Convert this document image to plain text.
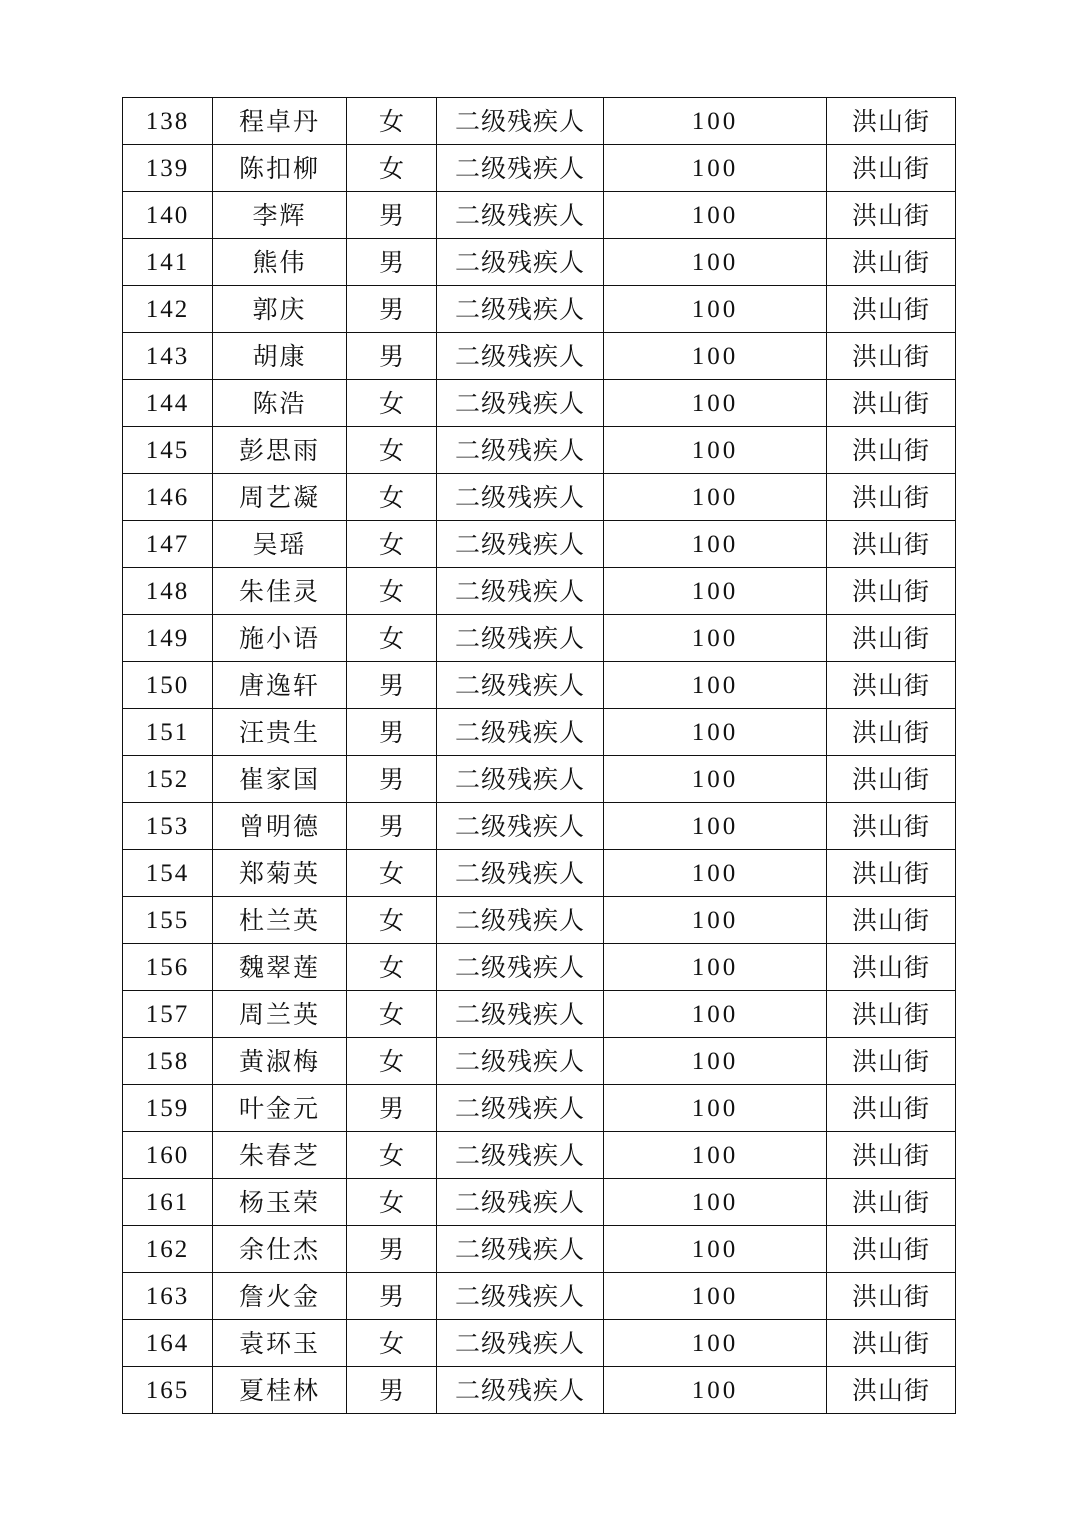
138	程卓丹	女	二级残疾人	100	洪山街
139	陈扣柳	女	二级残疾人	100	洪山街
140	李辉	男	二级残疾人	100	洪山街
141	熊伟	男	二级残疾人	100	洪山街
142	郭庆	男	二级残疾人	100	洪山街
143	胡康	男	二级残疾人	100	洪山街
144	陈浩	女	二级残疾人	100	洪山街
145	彭思雨	女	二级残疾人	100	洪山街
146	周艺凝	女	二级残疾人	100	洪山街
147	吴瑶	女	二级残疾人	100	洪山街
148	朱佳灵	女	二级残疾人	100	洪山街
149	施小语	女	二级残疾人	100	洪山街
150	唐逸轩	男	二级残疾人	100	洪山街
151	汪贵生	男	二级残疾人	100	洪山街
152	崔家国	男	二级残疾人	100	洪山街
153	曾明德	男	二级残疾人	100	洪山街
154	郑菊英	女	二级残疾人	100	洪山街
155	杜兰英	女	二级残疾人	100	洪山街
156	魏翠莲	女	二级残疾人	100	洪山街
157	周兰英	女	二级残疾人	100	洪山街
158	黄淑梅	女	二级残疾人	100	洪山街
159	叶金元	男	二级残疾人	100	洪山街
160	朱春芝	女	二级残疾人	100	洪山街
161	杨玉荣	女	二级残疾人	100	洪山街
162	余仕杰	男	二级残疾人	100	洪山街
163	詹火金	男	二级残疾人	100	洪山街
164	袁环玉	女	二级残疾人	100	洪山街
165	夏桂林	男	二级残疾人	100	洪山街
